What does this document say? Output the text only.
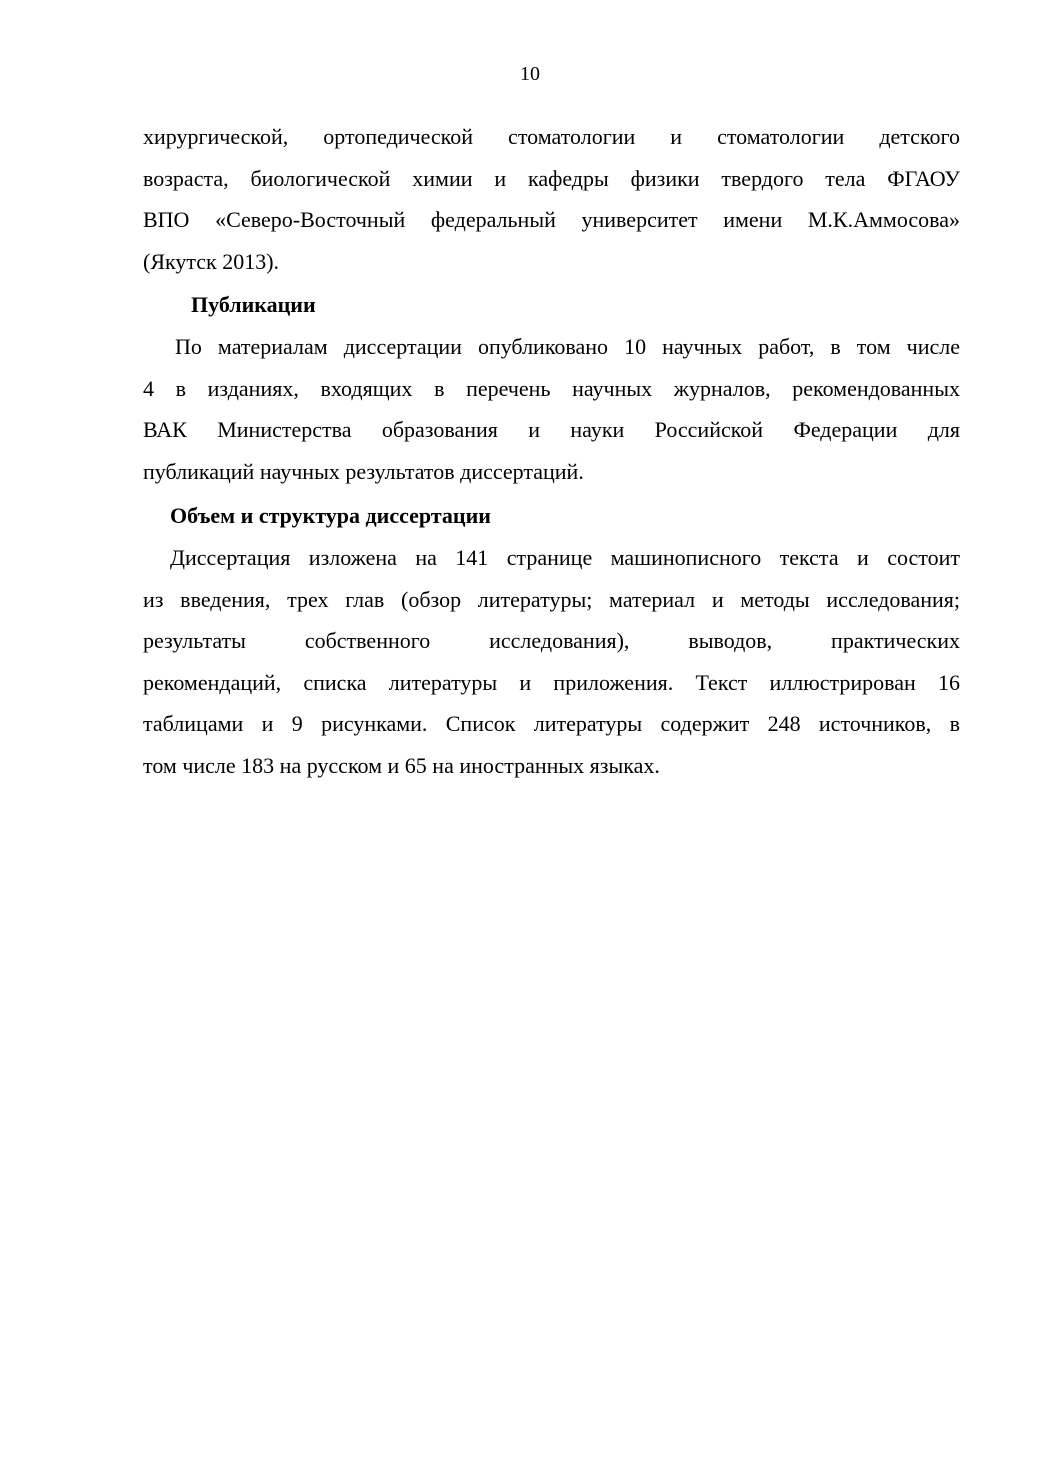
10

хирургической, ортопедической стоматологии и стоматологии детского
возраста, биологической химии и кафедры физики твердого тела ФГАОУ
ВПО «Северо-Восточный федеральный университет имени М.К.Аммосова»
(Якутск 2013).

Публикации

По материалам диссертации опубликовано 10 научных работ, в том числе
4 в изданиях, входящих в перечень научных журналов, рекомендованных
ВАК Министерства образования и науки Российской Федерации для
публикаций научных результатов диссертаций.

Объем и структура диссертации

Диссертация изложена на 141 странице машинописного текста и состоит
из введения, трех глав (обзор литературы; материал и методы исследования;
результаты собственного исследования), выводов, практических
рекомендаций, списка литературы и приложения. Текст иллюстрирован 16
таблицами и 9 рисунками. Список литературы содержит 248 источников, в
том числе 183 на русском и 65 на иностранных языках.
